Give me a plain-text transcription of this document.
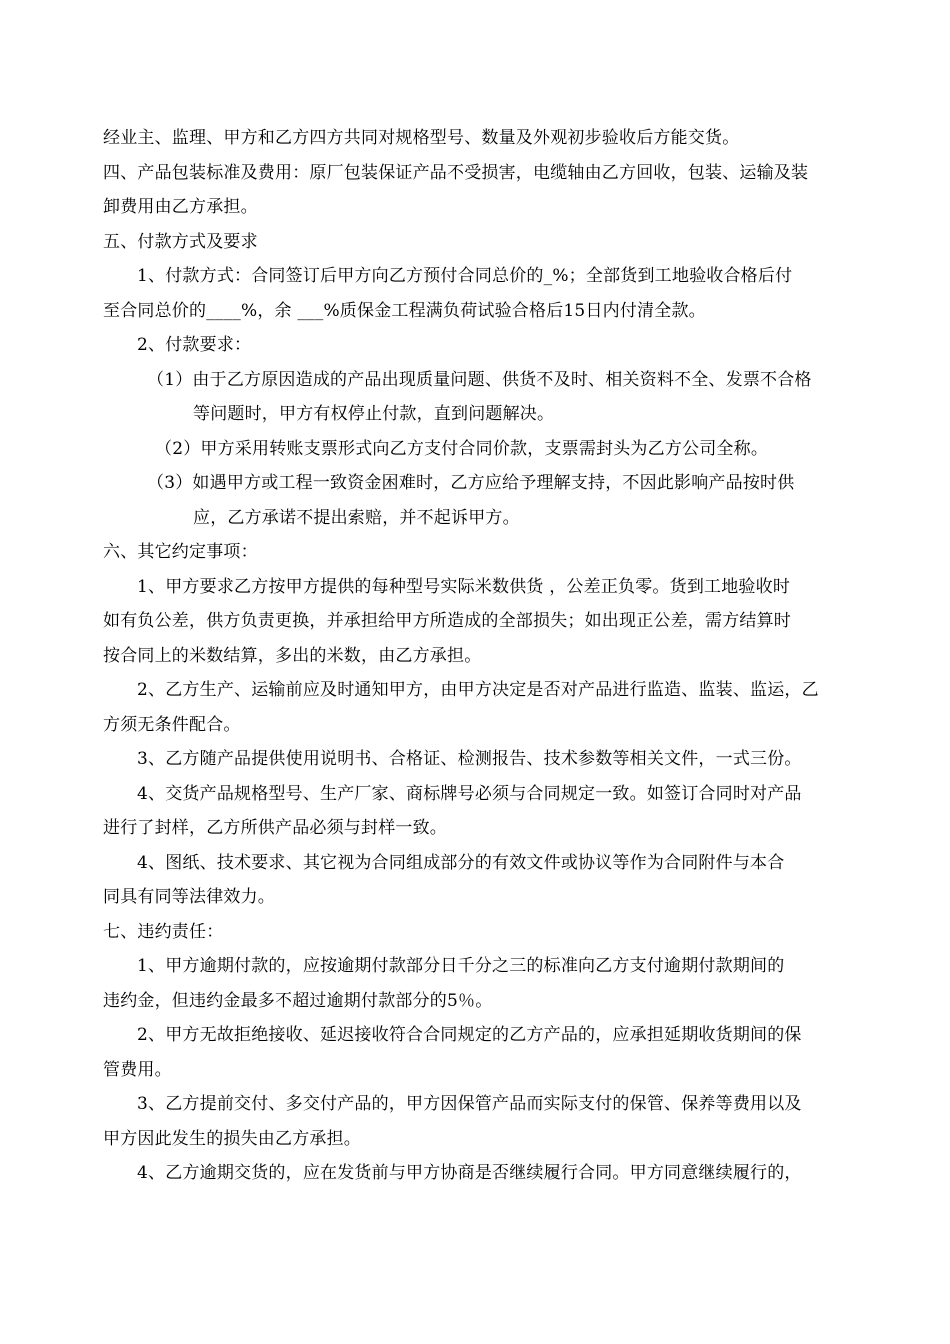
经业主、监理、甲方和乙方四方共同对规格型号、数量及外观初步验收后方能交货。
四、产品包装标准及费用：原厂包装保证产品不受损害，电缆轴由乙方回收，包装、运输及装
卸费用由乙方承担。
五、付款方式及要求
1、付款方式：合同签订后甲方向乙方预付合同总价的_%；全部货到工地验收合格后付
至合同总价的____%，余 ___%质保金工程满负荷试验合格后15日内付清全款。
2、付款要求：
（1）由于乙方原因造成的产品出现质量问题、供货不及时、相关资料不全、发票不合格
等问题时，甲方有权停止付款，直到问题解决。
（2）甲方采用转账支票形式向乙方支付合同价款，支票需封头为乙方公司全称。
（3）如遇甲方或工程一致资金困难时，乙方应给予理解支持，不因此影响产品按时供
应，乙方承诺不提出索赔，并不起诉甲方。
六、其它约定事项：
1、甲方要求乙方按甲方提供的每种型号实际米数供货 ，公差正负零。货到工地验收时
如有负公差，供方负责更换，并承担给甲方所造成的全部损失；如出现正公差，需方结算时
按合同上的米数结算，多出的米数，由乙方承担。
2、乙方生产、运输前应及时通知甲方，由甲方决定是否对产品进行监造、监装、监运，乙
方须无条件配合。
3、乙方随产品提供使用说明书、合格证、检测报告、技术参数等相关文件，一式三份。
4、交货产品规格型号、生产厂家、商标牌号必须与合同规定一致。如签订合同时对产品
进行了封样，乙方所供产品必须与封样一致。
4、图纸、技术要求、其它视为合同组成部分的有效文件或协议等作为合同附件与本合
同具有同等法律效力。
七、违约责任：
1、甲方逾期付款的，应按逾期付款部分日千分之三的标准向乙方支付逾期付款期间的
违约金，但违约金最多不超过逾期付款部分的5％。
2、甲方无故拒绝接收、延迟接收符合合同规定的乙方产品的，应承担延期收货期间的保
管费用。
3、乙方提前交付、多交付产品的，甲方因保管产品而实际支付的保管、保养等费用以及
甲方因此发生的损失由乙方承担。
4、乙方逾期交货的，应在发货前与甲方协商是否继续履行合同。甲方同意继续履行的，
